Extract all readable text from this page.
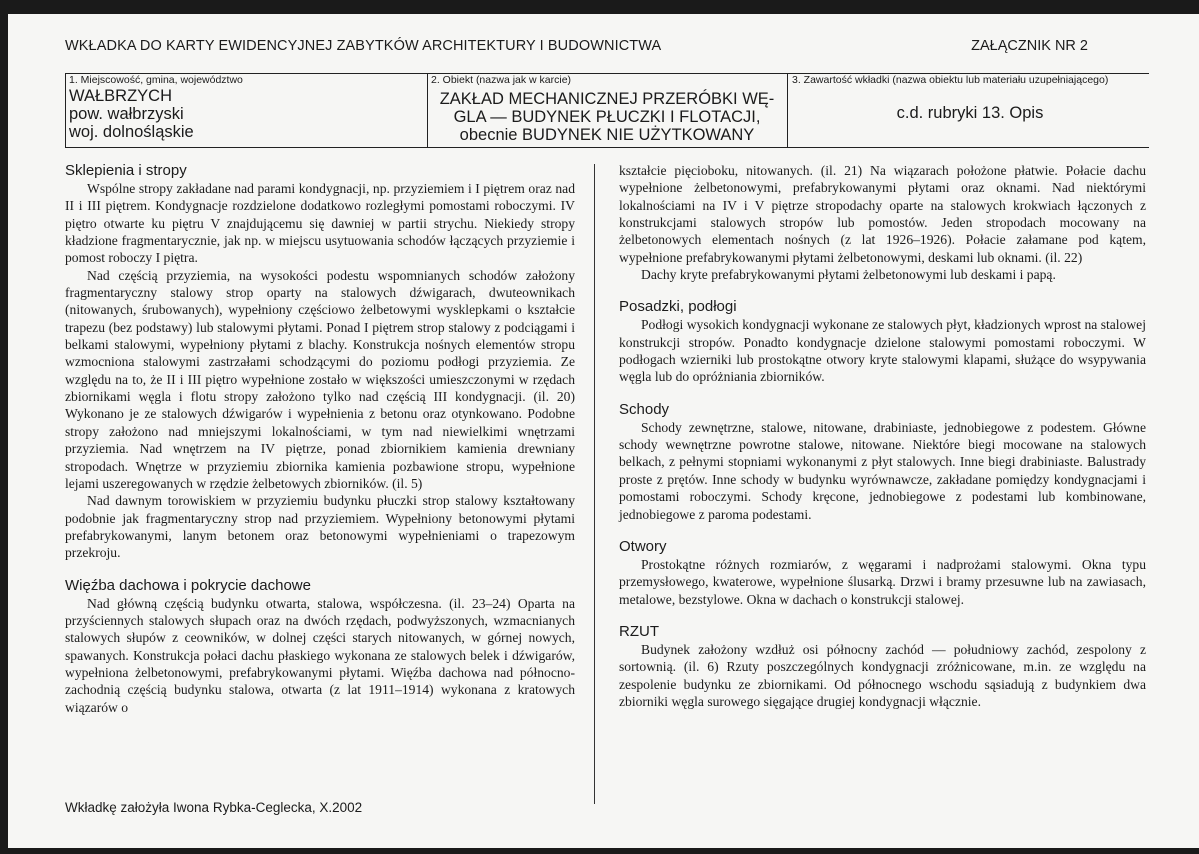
WKŁADKA DO KARTY EWIDENCYJNEJ ZABYTKÓW ARCHITEKTURY I BUDOWNICTWA	ZAŁĄCZNIK NR 2
1. Miejscowość, gmina, województwo
WAŁBRZYCH
pow. wałbrzyski
woj. dolnośląskie
2. Obiekt (nazwa jak w karcie)
ZAKŁAD MECHANICZNEJ PRZERÓBKI WĘ-
GLA — BUDYNEK PŁUCZKI I FLOTACJI,
obecnie BUDYNEK NIE UŻYTKOWANY
3. Zawartość wkładki (nazwa obiektu lub materiału uzupełniającego)
c.d. rubryki 13. Opis
Sklepienia i stropy

Wspólne stropy zakładane nad parami kondygnacji, np. przyziemiem i I piętrem oraz nad II i III piętrem. Kondygnacje rozdzielone dodatkowo rozległymi pomostami roboczymi. IV piętro otwarte ku piętru V znajdującemu się dawniej w partii strychu. Niekiedy stropy kładzione fragmentarycznie, jak np. w miejscu usytuowania schodów łączących przyziemie i pomost roboczy I piętra.

Nad częścią przyziemia, na wysokości podestu wspomnianych schodów założony fragmentaryczny stalowy strop oparty na stalowych dźwigarach, dwuteownikach (nitowanych, śrubowanych), wypełniony częściowo żelbetowymi wysklepkami o kształcie trapezu (bez podstawy) lub stalowymi płytami. Ponad I piętrem strop stalowy z podciągami i belkami stalowymi, wypełniony płytami z blachy. Konstrukcja nośnych elementów stropu wzmocniona stalowymi zastrzałami schodzącymi do poziomu podłogi przyziemia. Ze względu na to, że II i III piętro wypełnione zostało w większości umieszczonymi w rzędach zbiornikami węgla i flotu stropy założono tylko nad częścią III kondygnacji. (il. 20) Wykonano je ze stalowych dźwigarów i wypełnienia z betonu oraz otynkowano. Podobne stropy założono nad mniejszymi lokalnościami, w tym nad niewielkimi wnętrzami przyziemia. Nad wnętrzem na IV piętrze, ponad zbiornikiem kamienia drewniany stropodach. Wnętrze w przyziemiu zbiornika kamienia pozbawione stropu, wypełnione lejami uszeregowanych w rzędzie żelbetowych zbiorników. (il. 5)

Nad dawnym torowiskiem w przyziemiu budynku płuczki strop stalowy kształtowany podobnie jak fragmentaryczny strop nad przyziemiem. Wypełniony betonowymi płytami prefabrykowanymi, lanym betonem oraz betonowymi wypełnieniami o trapezowym przekroju.

Więźba dachowa i pokrycie dachowe

Nad główną częścią budynku otwarta, stalowa, współczesna. (il. 23–24) Oparta na przyściennych stalowych słupach oraz na dwóch rzędach, podwyższonych, wzmacnianych stalowych słupów z ceowników, w dolnej części starych nitowanych, w górnej nowych, spawanych. Konstrukcja połaci dachu płaskiego wykonana ze stalowych belek i dźwigarów, wypełniona żelbetonowymi, prefabrykowanymi płytami. Więźba dachowa nad północno-zachodnią częścią budynku stalowa, otwarta (z lat 1911–1914) wykonana z kratowych wiązarów o

kształcie pięcioboku, nitowanych. (il. 21) Na wiązarach położone płatwie. Połacie dachu wypełnione żelbetonowymi, prefabrykowanymi płytami oraz oknami. Nad niektórymi lokalnościami na IV i V piętrze stropodachy oparte na stalowych krokwiach łączonych z konstrukcjami stalowych stropów lub pomostów. Jeden stropodach mocowany na żelbetonowych elementach nośnych (z lat 1926–1926). Połacie załamane pod kątem, wypełnione prefabrykowanymi płytami żelbetonowymi, deskami lub oknami. (il. 22)

Dachy kryte prefabrykowanymi płytami żelbetonowymi lub deskami i papą.

Posadzki, podłogi

Podłogi wysokich kondygnacji wykonane ze stalowych płyt, kładzionych wprost na stalowej konstrukcji stropów. Ponadto kondygnacje dzielone stalowymi pomostami roboczymi. W podłogach wzierniki lub prostokątne otwory kryte stalowymi klapami, służące do wsypywania węgla lub do opróżniania zbiorników.

Schody

Schody zewnętrzne, stalowe, nitowane, drabiniaste, jednobiegowe z podestem. Główne schody wewnętrzne powrotne stalowe, nitowane. Niektóre biegi mocowane na stalowych belkach, z pełnymi stopniami wykonanymi z płyt stalowych. Inne biegi drabiniaste. Balustrady proste z prętów. Inne schody w budynku wyrównawcze, zakładane pomiędzy kondygnacjami i pomostami roboczymi. Schody kręcone, jednobiegowe z podestami lub kombinowane, jednobiegowe z paroma podestami.

Otwory

Prostokątne różnych rozmiarów, z węgarami i nadprożami stalowymi. Okna typu przemysłowego, kwaterowe, wypełnione ślusarką. Drzwi i bramy przesuwne lub na zawiasach, metalowe, bezstylowe. Okna w dachach o konstrukcji stalowej.

RZUT

Budynek założony wzdłuż osi północny zachód — południowy zachód, zespolony z sortownią. (il. 6) Rzuty poszczególnych kondygnacji zróżnicowane, m.in. ze względu na zespolenie budynku ze zbiornikami. Od północnego wschodu sąsiadują z budynkiem dwa zbiorniki węgla surowego sięgające drugiej kondygnacji włącznie.

Wkładkę założyła Iwona Rybka-Ceglecka, X.2002
